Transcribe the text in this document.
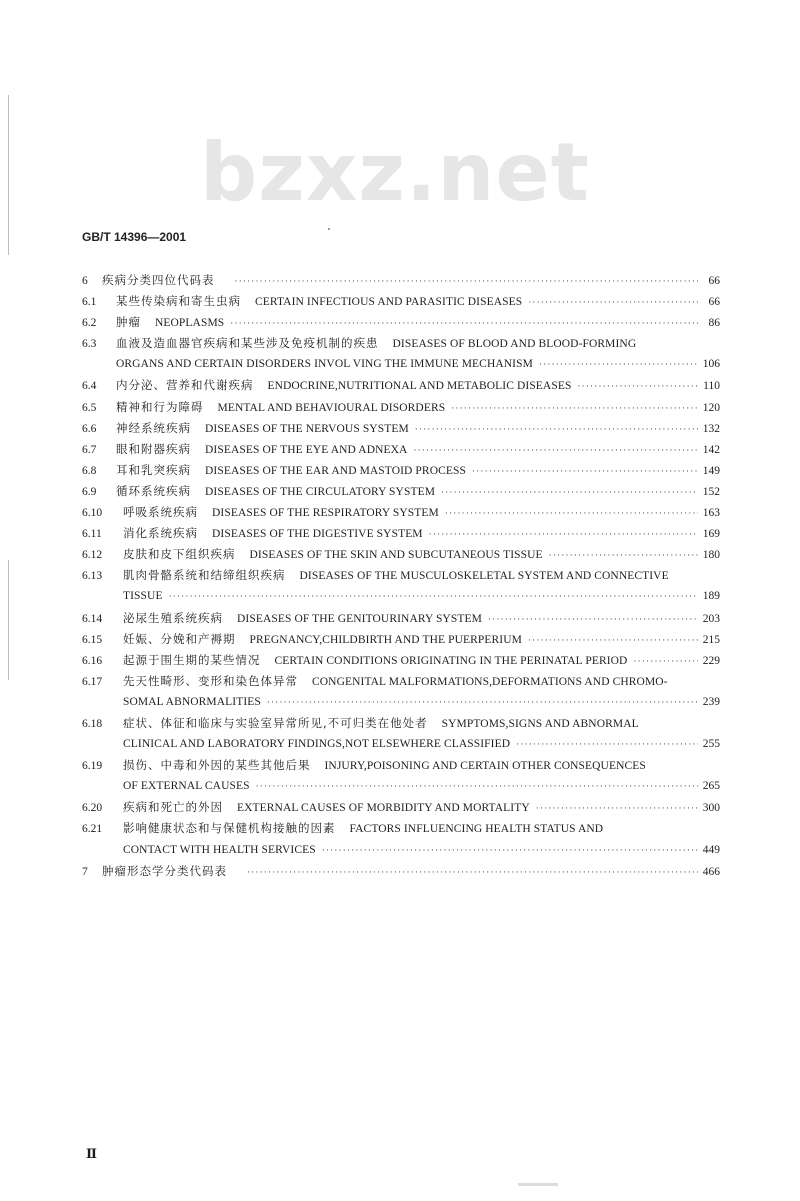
bzxz.net
GB/T 14396—2001
6	疾病分类四位代码表 ·····	66
6.1	某些传染病和寄生虫病 CERTAIN INFECTIOUS AND PARASITIC DISEASES ·····	66
6.2	肿瘤 NEOPLASMS ·····	86
6.3	血液及造血器官疾病和某些涉及免疫机制的疾患 DISEASES OF BLOOD AND BLOOD-FORMING
ORGANS AND CERTAIN DISORDERS INVOL VING THE IMMUNE MECHANISM ·····	106
6.4	内分泌、营养和代谢疾病 ENDOCRINE,NUTRITIONAL AND METABOLIC DISEASES ·····	110
6.5	精神和行为障碍 MENTAL AND BEHAVIOURAL DISORDERS ·····	120
6.6	神经系统疾病 DISEASES OF THE NERVOUS SYSTEM ·····	132
6.7	眼和附器疾病 DISEASES OF THE EYE AND ADNEXA ·····	142
6.8	耳和乳突疾病 DISEASES OF THE EAR AND MASTOID PROCESS ·····	149
6.9	循环系统疾病 DISEASES OF THE CIRCULATORY SYSTEM ·····	152
6.10	呼吸系统疾病 DISEASES OF THE RESPIRATORY SYSTEM ·····	163
6.11	消化系统疾病 DISEASES OF THE DIGESTIVE SYSTEM ·····	169
6.12	皮肤和皮下组织疾病 DISEASES OF THE SKIN AND SUBCUTANEOUS TISSUE ·····	180
6.13	肌肉骨骼系统和结缔组织疾病 DISEASES OF THE MUSCULOSKELETAL SYSTEM AND CONNECTIVE
TISSUE ·····	189
6.14	泌尿生殖系统疾病 DISEASES OF THE GENITOURINARY SYSTEM ·····	203
6.15	妊娠、分娩和产褥期 PREGNANCY,CHILDBIRTH AND THE PUERPERIUM ·····	215
6.16	起源于围生期的某些情况 CERTAIN CONDITIONS ORIGINATING IN THE PERINATAL PERIOD ·····	229
6.17	先天性畸形、变形和染色体异常 CONGENITAL MALFORMATIONS,DEFORMATIONS AND CHROMO-
SOMAL ABNORMALITIES ·····	239
6.18	症状、体征和临床与实验室异常所见,不可归类在他处者 SYMPTOMS,SIGNS AND ABNORMAL
CLINICAL AND LABORATORY FINDINGS,NOT ELSEWHERE CLASSIFIED ·····	255
6.19	损伤、中毒和外因的某些其他后果 INJURY,POISONING AND CERTAIN OTHER CONSEQUENCES
OF EXTERNAL CAUSES ·····	265
6.20	疾病和死亡的外因 EXTERNAL CAUSES OF MORBIDITY AND MORTALITY ·····	300
6.21	影响健康状态和与保健机构接触的因素 FACTORS INFLUENCING HEALTH STATUS AND
CONTACT WITH HEALTH SERVICES ·····	449
7	肿瘤形态学分类代码表 ·····	466
Ⅱ
